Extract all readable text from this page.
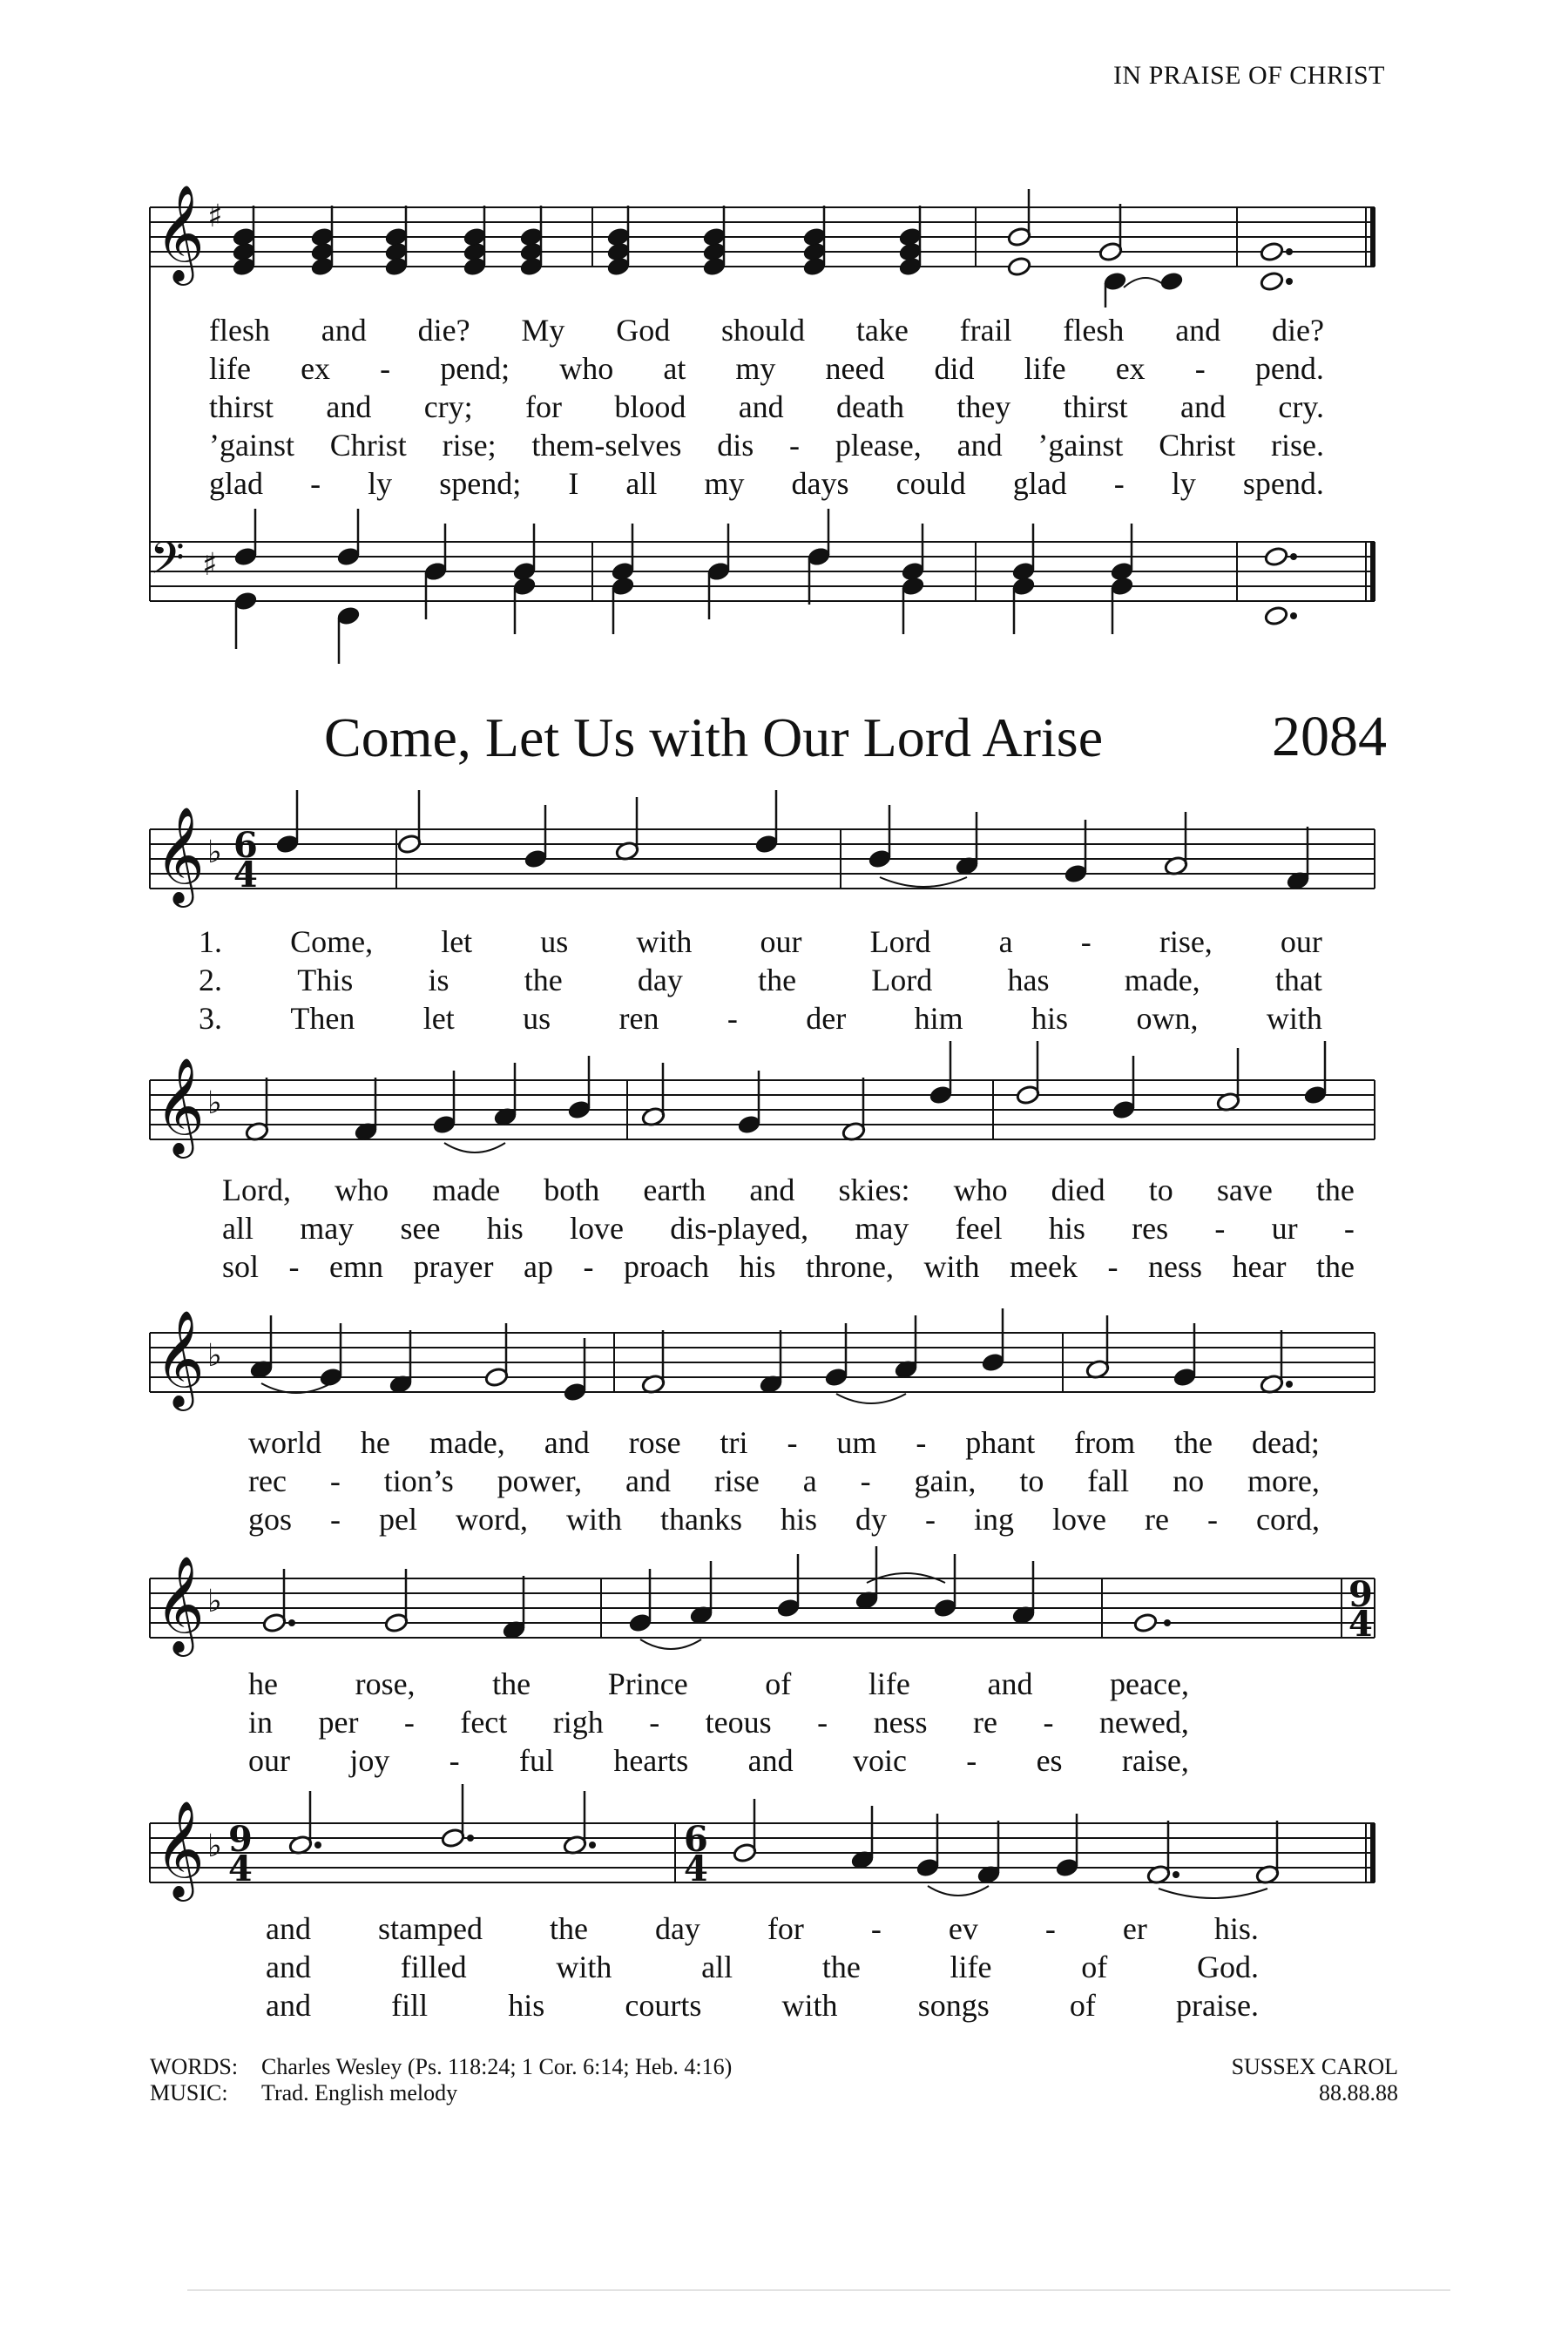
IN PRAISE OF CHRIST
𝄞 ♯
𝄢 ♯
𝄞 ♭
𝄞 ♭
𝄞 ♭
𝄞 ♭
𝄞 ♭
6
4
9
4
9
4
6
4
flesh and die? My God should take frail flesh and die?
life ex - pend; who at my need did life ex - pend.
thirst and cry; for blood and death they thirst and cry.
’gainst Christ rise; them-selves dis - please, and ’gainst Christ rise.
glad - ly spend; I all my days could glad - ly spend.
Come, Let Us with Our Lord Arise	2084
1. Come, let us with our Lord a - rise, our
2. This is the day the Lord has made, that
3. Then let us ren - der him his own, with
Lord, who made both earth and skies: who died to save the
all may see his love dis-played, may feel his res - ur -
sol - emn prayer ap - proach his throne, with meek - ness hear the
world he made, and rose tri - um - phant from the dead;
rec - tion’s power, and rise a - gain, to fall no more,
gos - pel word, with thanks his dy - ing love re - cord,
he rose, the Prince of life and peace,
in per - fect righ - teous - ness re - newed,
our joy - ful hearts and voic - es raise,
and stamped the day for - ev - er his.
and	filled	with	all	the	life	of	God.
and	fill	his	courts	with	songs	of	praise.
WORDS: Charles Wesley (Ps. 118:24; 1 Cor. 6:14; Heb. 4:16)
MUSIC: Trad. English melody
SUSSEX CAROL
88.88.88
